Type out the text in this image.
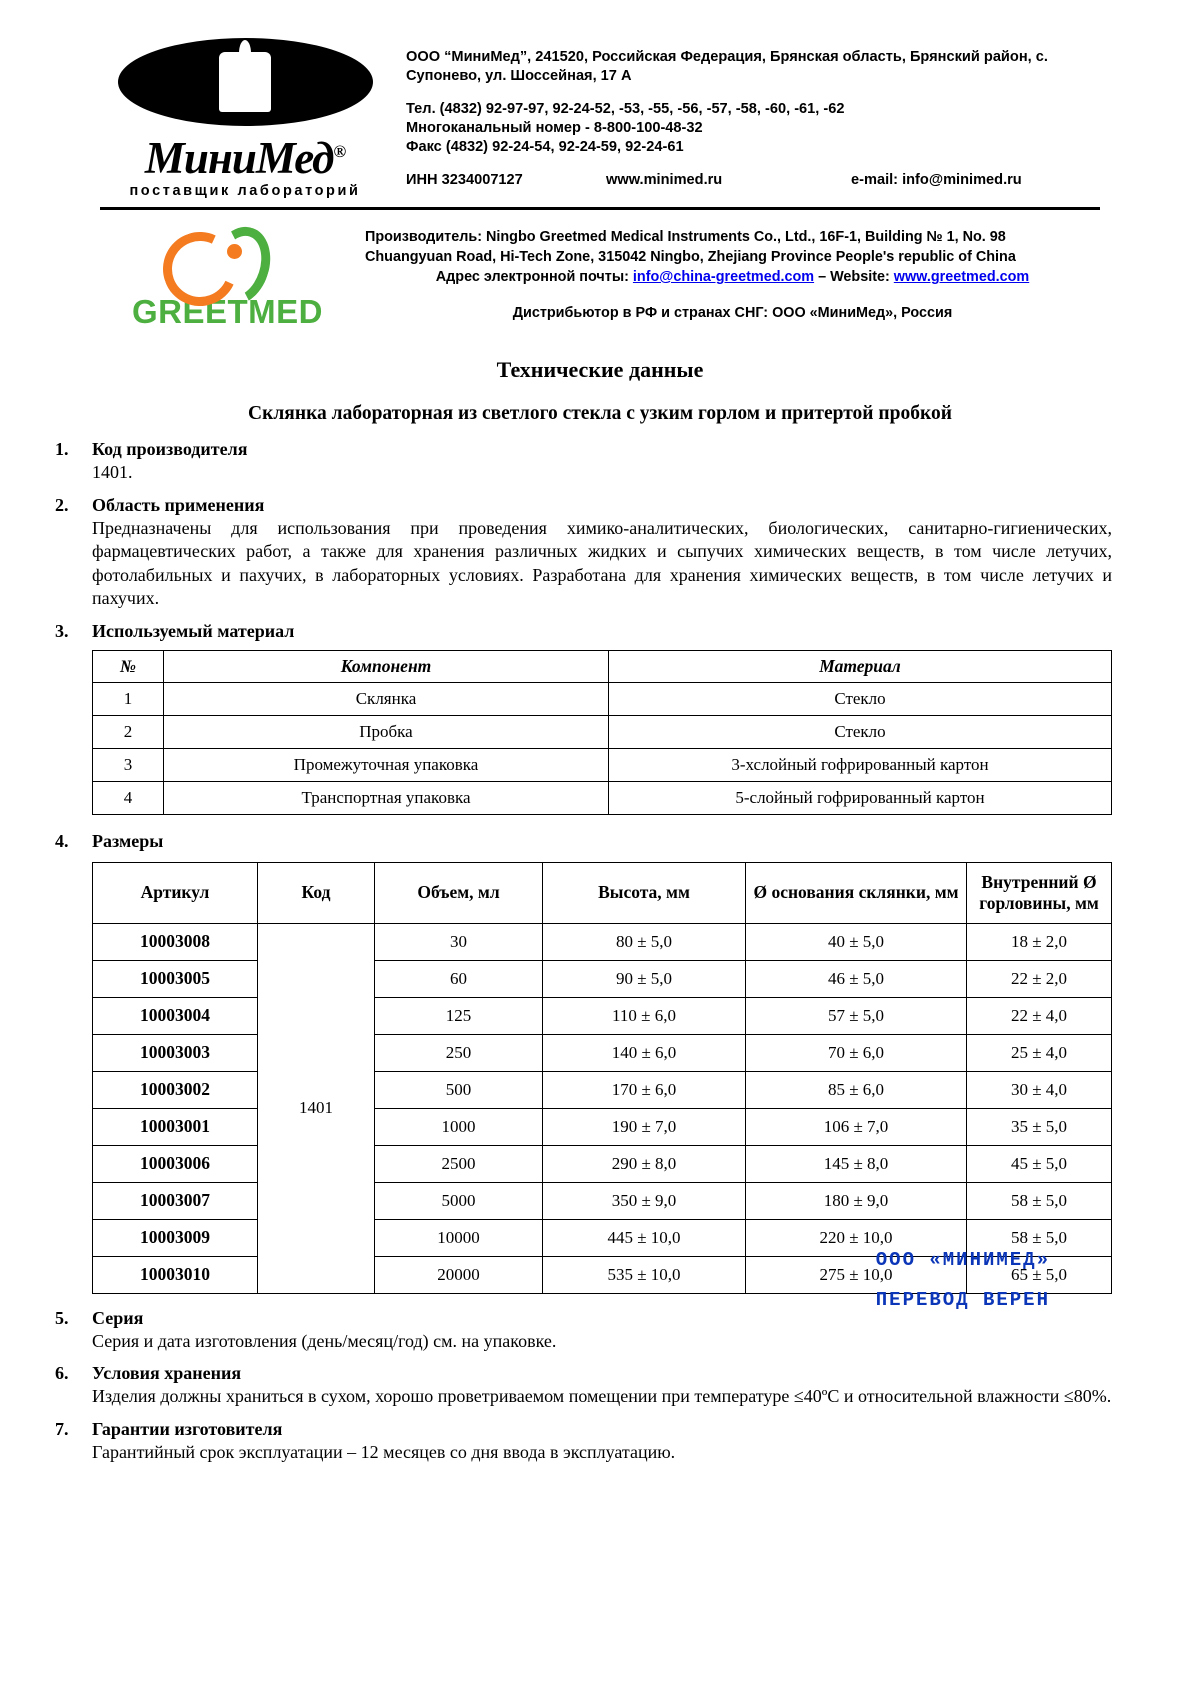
МиниМед®
поставщик лабораторий
ООО “МиниМед”, 241520, Российская Федерация, Брянская область, Брянский район, с. Супонево, ул. Шоссейная, 17 А
Тел. (4832) 92-97-97, 92-24-52, -53, -55, -56, -57, -58, -60, -61, -62
Многоканальный номер - 8-800-100-48-32
Факс (4832) 92-24-54, 92-24-59, 92-24-61
ИНН 3234007127	www.minimed.ru	e-mail: info@minimed.ru
GREETMED
Производитель: Ningbo Greetmed Medical Instruments Co., Ltd., 16F-1, Building № 1, No. 98
Chuangyuan Road, Hi-Tech Zone, 315042 Ningbo, Zhejiang Province People's republic of China
Адрес электронной почты: info@china-greetmed.com – Website: www.greetmed.com
Дистрибьютор в РФ и странах СНГ: ООО «МиниМед», Россия
Технические данные
Склянка лабораторная из светлого стекла с узким горлом и притертой пробкой
1.	Код производителя
1401.
2.	Область применения
Предназначены для использования при проведения химико-аналитических, биологических, санитарно-гигиенических, фармацевтических работ, а также для хранения различных жидких и сыпучих химических веществ, в том числе летучих, фотолабильных и пахучих, в лабораторных условиях. Разработана для хранения химических веществ, в том числе летучих и пахучих.
3.	Используемый материал
№	Компонент	Материал
1	Склянка	Стекло
2	Пробка	Стекло
3	Промежуточная упаковка	3-хслойный гофрированный картон
4	Транспортная упаковка	5-слойный гофрированный картон
4.	Размеры
Артикул	Код	Объем, мл	Высота, мм	Ø основания склянки, мм	Внутренний Ø горловины, мм
10003008	1401	30	80 ± 5,0	40 ± 5,0	18 ± 2,0
10003005		60	90 ± 5,0	46 ± 5,0	22 ± 2,0
10003004		125	110 ± 6,0	57 ± 5,0	22 ± 4,0
10003003		250	140 ± 6,0	70 ± 6,0	25 ± 4,0
10003002		500	170 ± 6,0	85 ± 6,0	30 ± 4,0
10003001		1000	190 ± 7,0	106 ± 7,0	35 ± 5,0
10003006		2500	290 ± 8,0	145 ± 8,0	45 ± 5,0
10003007		5000	350 ± 9,0	180 ± 9,0	58 ± 5,0
10003009		10000	445 ± 10,0	220 ± 10,0	58 ± 5,0
10003010		20000	535 ± 10,0	275 ± 10,0	65 ± 5,0
5.	Серия
Серия и дата изготовления (день/месяц/год) см. на упаковке.
6.	Условия хранения
Изделия должны храниться в сухом, хорошо проветриваемом помещении при температуре ≤40ºC и относительной влажности ≤80%.
7.	Гарантии изготовителя
Гарантийный срок эксплуатации – 12 месяцев со дня ввода в эксплуатацию.
ООО «МИНИМЕД»
ПЕРЕВОД ВЕРЕН
